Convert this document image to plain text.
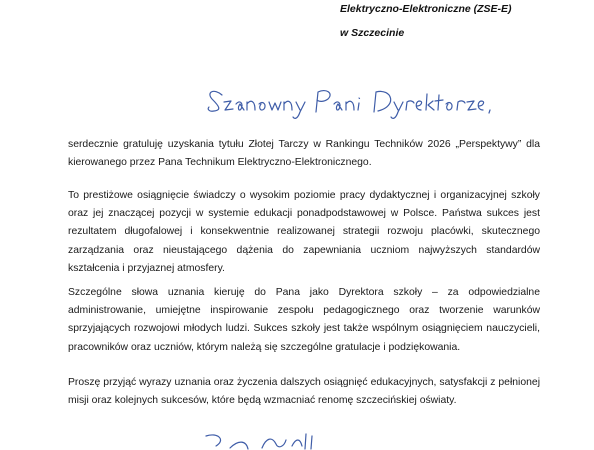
Elektryczno-Elektroniczne (ZSE-E)
w Szczecinie
serdecznie gratuluję uzyskania tytułu Złotej Tarczy w Rankingu Techników 2026 „Perspektywy” dla kierowanego przez Pana Technikum Elektryczno-Elektronicznego.
To prestiżowe osiągnięcie świadczy o wysokim poziomie pracy dydaktycznej i organizacyjnej szkoły oraz jej znaczącej pozycji w systemie edukacji ponadpodstawowej w Polsce. Państwa sukces jest rezultatem długofalowej i konsekwentnie realizowanej strategii rozwoju placówki, skutecznego zarządzania oraz nieustającego dążenia do zapewniania uczniom najwyższych standardów kształcenia i przyjaznej atmosfery.
Szczególne słowa uznania kieruję do Pana jako Dyrektora szkoły – za odpowiedzialne administrowanie, umiejętne inspirowanie zespołu pedagogicznego oraz tworzenie warunków sprzyjających rozwojowi młodych ludzi. Sukces szkoły jest także wspólnym osiągnięciem nauczycieli, pracowników oraz uczniów, którym należą się szczególne gratulacje i podziękowania.
Proszę przyjąć wyrazy uznania oraz życzenia dalszych osiągnięć edukacyjnych, satysfakcji z pełnionej misji oraz kolejnych sukcesów, które będą wzmacniać renomę szczecińskiej oświaty.
